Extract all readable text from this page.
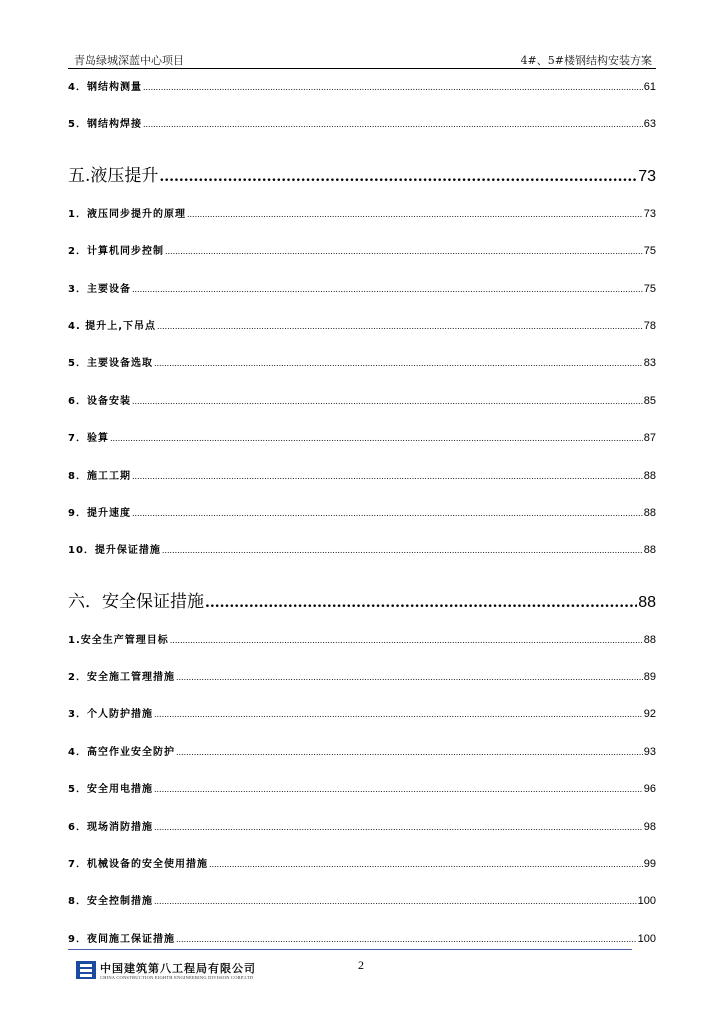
青岛绿城深蓝中心项目	4#、5#楼钢结构安装方案
4．钢结构测量 .....	61
5．钢结构焊接 .....	63
五.液压提升 .....	73
1．液压同步提升的原理 .....	73
2．计算机同步控制 .....	75
3．主要设备 .....	75
4. 提升上,下吊点 .....	78
5．主要设备选取 .....	83
6．设备安装 .....	85
7．验算 .....	87
8．施工工期 .....	88
9．提升速度 .....	88
10．提升保证措施 .....	88
六．安全保证措施 .....	88
1.安全生产管理目标 .....	88
2．安全施工管理措施 .....	89
3．个人防护措施 .....	92
4．高空作业安全防护 .....	93
5．安全用电措施 .....	96
6．现场消防措施 .....	98
7．机械设备的安全使用措施 .....	99
8．安全控制措施 .....	100
9．夜间施工保证措施 .....	100
中国建筑第八工程局有限公司
CHINA CONSTRUCTION EIGHTH ENGINEERING DIVISION CORP.LTD
2
